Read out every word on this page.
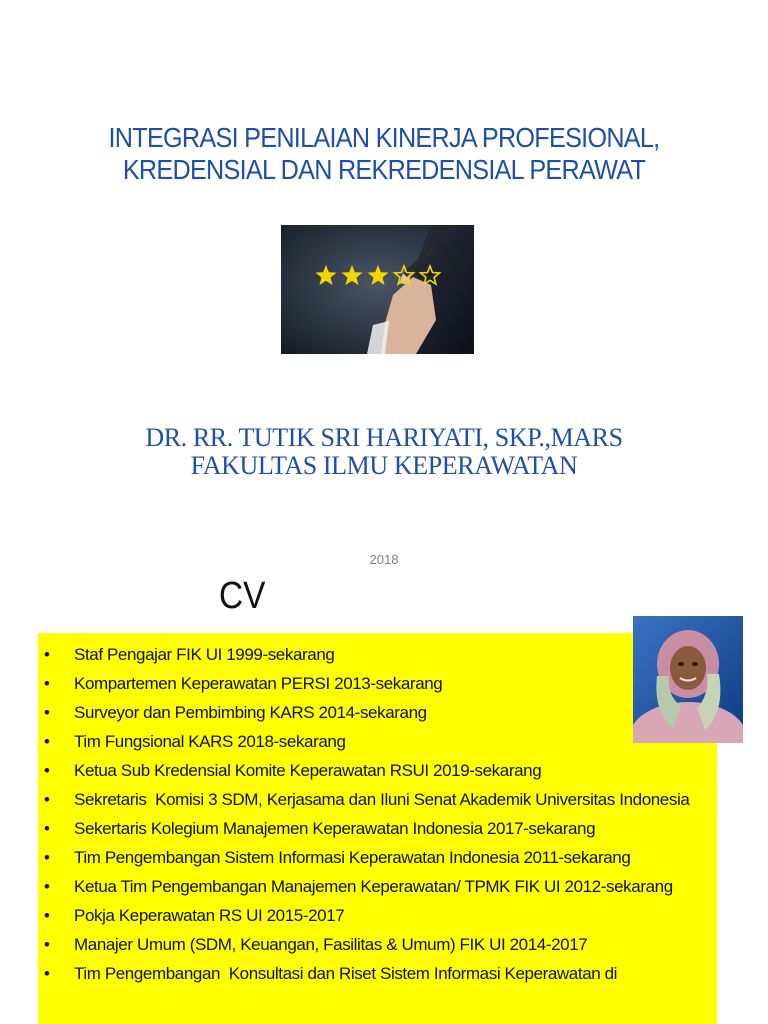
INTEGRASI PENILAIAN KINERJA PROFESIONAL,
KREDENSIAL DAN REKREDENSIAL PERAWAT
DR. RR. TUTIK SRI HARIYATI, SKP.,MARS
FAKULTAS ILMU KEPERAWATAN
2018
CV
• Staf Pengajar FIK UI 1999-sekarang
• Kompartemen Keperawatan PERSI 2013-sekarang
• Surveyor dan Pembimbing KARS 2014-sekarang
• Tim Fungsional KARS 2018-sekarang
• Ketua Sub Kredensial Komite Keperawatan RSUI 2019-sekarang
• Sekretaris  Komisi 3 SDM, Kerjasama dan Iluni Senat Akademik Universitas Indonesia
• Sekertaris Kolegium Manajemen Keperawatan Indonesia 2017-sekarang
• Tim Pengembangan Sistem Informasi Keperawatan Indonesia 2011-sekarang
• Ketua Tim Pengembangan Manajemen Keperawatan/ TPMK FIK UI 2012-sekarang
• Pokja Keperawatan RS UI 2015-2017
• Manajer Umum (SDM, Keuangan, Fasilitas & Umum) FIK UI 2014-2017
• Tim Pengembangan  Konsultasi dan Riset Sistem Informasi Keperawatan di
